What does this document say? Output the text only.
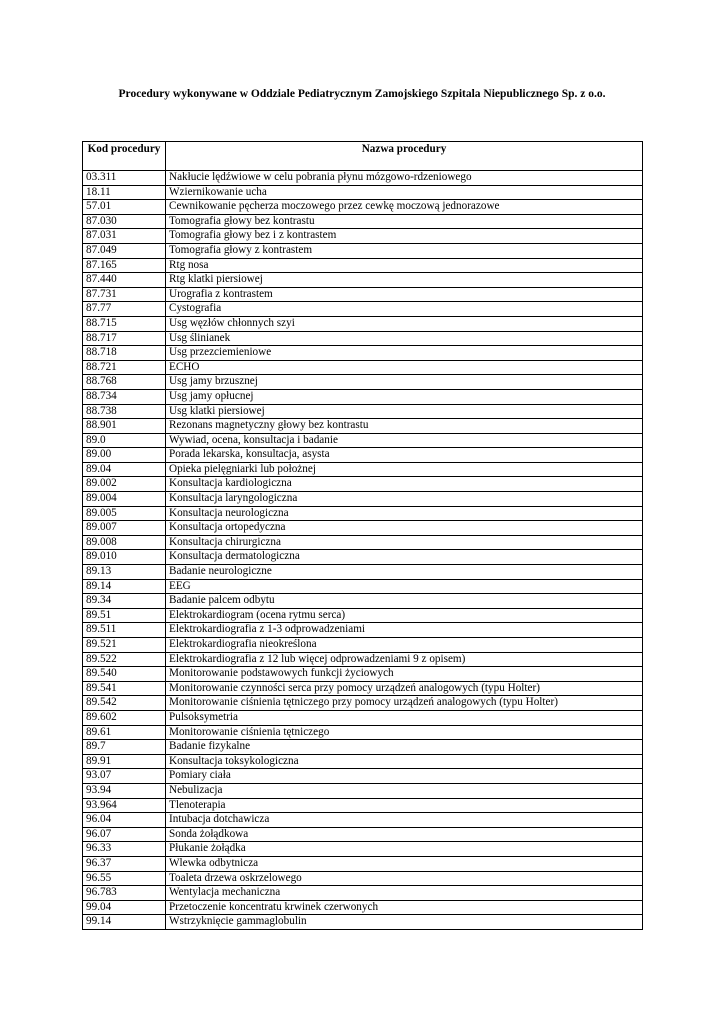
Procedury wykonywane w Oddziale Pediatrycznym Zamojskiego Szpitala Niepublicznego Sp. z o.o.
Kod procedury	Nazwa procedury
03.311	Nakłucie lędźwiowe w celu pobrania płynu mózgowo-rdzeniowego
18.11	Wziernikowanie ucha
57.01	Cewnikowanie pęcherza moczowego przez cewkę moczową jednorazowe
87.030	Tomografia głowy bez kontrastu
87.031	Tomografia głowy bez i z kontrastem
87.049	Tomografia głowy z kontrastem
87.165	Rtg nosa
87.440	Rtg klatki piersiowej
87.731	Urografia z kontrastem
87.77	Cystografia
88.715	Usg węzłów chłonnych szyi
88.717	Usg ślinianek
88.718	Usg przezciemieniowe
88.721	ECHO
88.768	Usg jamy brzusznej
88.734	Usg jamy opłucnej
88.738	Usg klatki piersiowej
88.901	Rezonans magnetyczny głowy bez kontrastu
89.0	Wywiad, ocena, konsultacja i badanie
89.00	Porada lekarska, konsultacja, asysta
89.04	Opieka pielęgniarki lub położnej
89.002	Konsultacja kardiologiczna
89.004	Konsultacja laryngologiczna
89.005	Konsultacja neurologiczna
89.007	Konsultacja ortopedyczna
89.008	Konsultacja chirurgiczna
89.010	Konsultacja dermatologiczna
89.13	Badanie neurologiczne
89.14	EEG
89.34	Badanie palcem odbytu
89.51	Elektrokardiogram (ocena rytmu serca)
89.511	Elektrokardiografia z 1-3 odprowadzeniami
89.521	Elektrokardiografia nieokreślona
89.522	Elektrokardiografia z 12 lub więcej odprowadzeniami 9 z opisem)
89.540	Monitorowanie podstawowych funkcji życiowych
89.541	Monitorowanie czynności serca przy pomocy urządzeń analogowych (typu Holter)
89.542	Monitorowanie ciśnienia tętniczego przy pomocy urządzeń analogowych (typu Holter)
89.602	Pulsoksymetria
89.61	Monitorowanie ciśnienia tętniczego
89.7	Badanie fizykalne
89.91	Konsultacja toksykologiczna
93.07	Pomiary ciała
93.94	Nebulizacja
93.964	Tlenoterapia
96.04	Intubacja dotchawicza
96.07	Sonda żołądkowa
96.33	Płukanie żołądka
96.37	Wlewka odbytnicza
96.55	Toaleta drzewa oskrzelowego
96.783	Wentylacja mechaniczna
99.04	Przetoczenie koncentratu krwinek czerwonych
99.14	Wstrzyknięcie gammaglobulin
